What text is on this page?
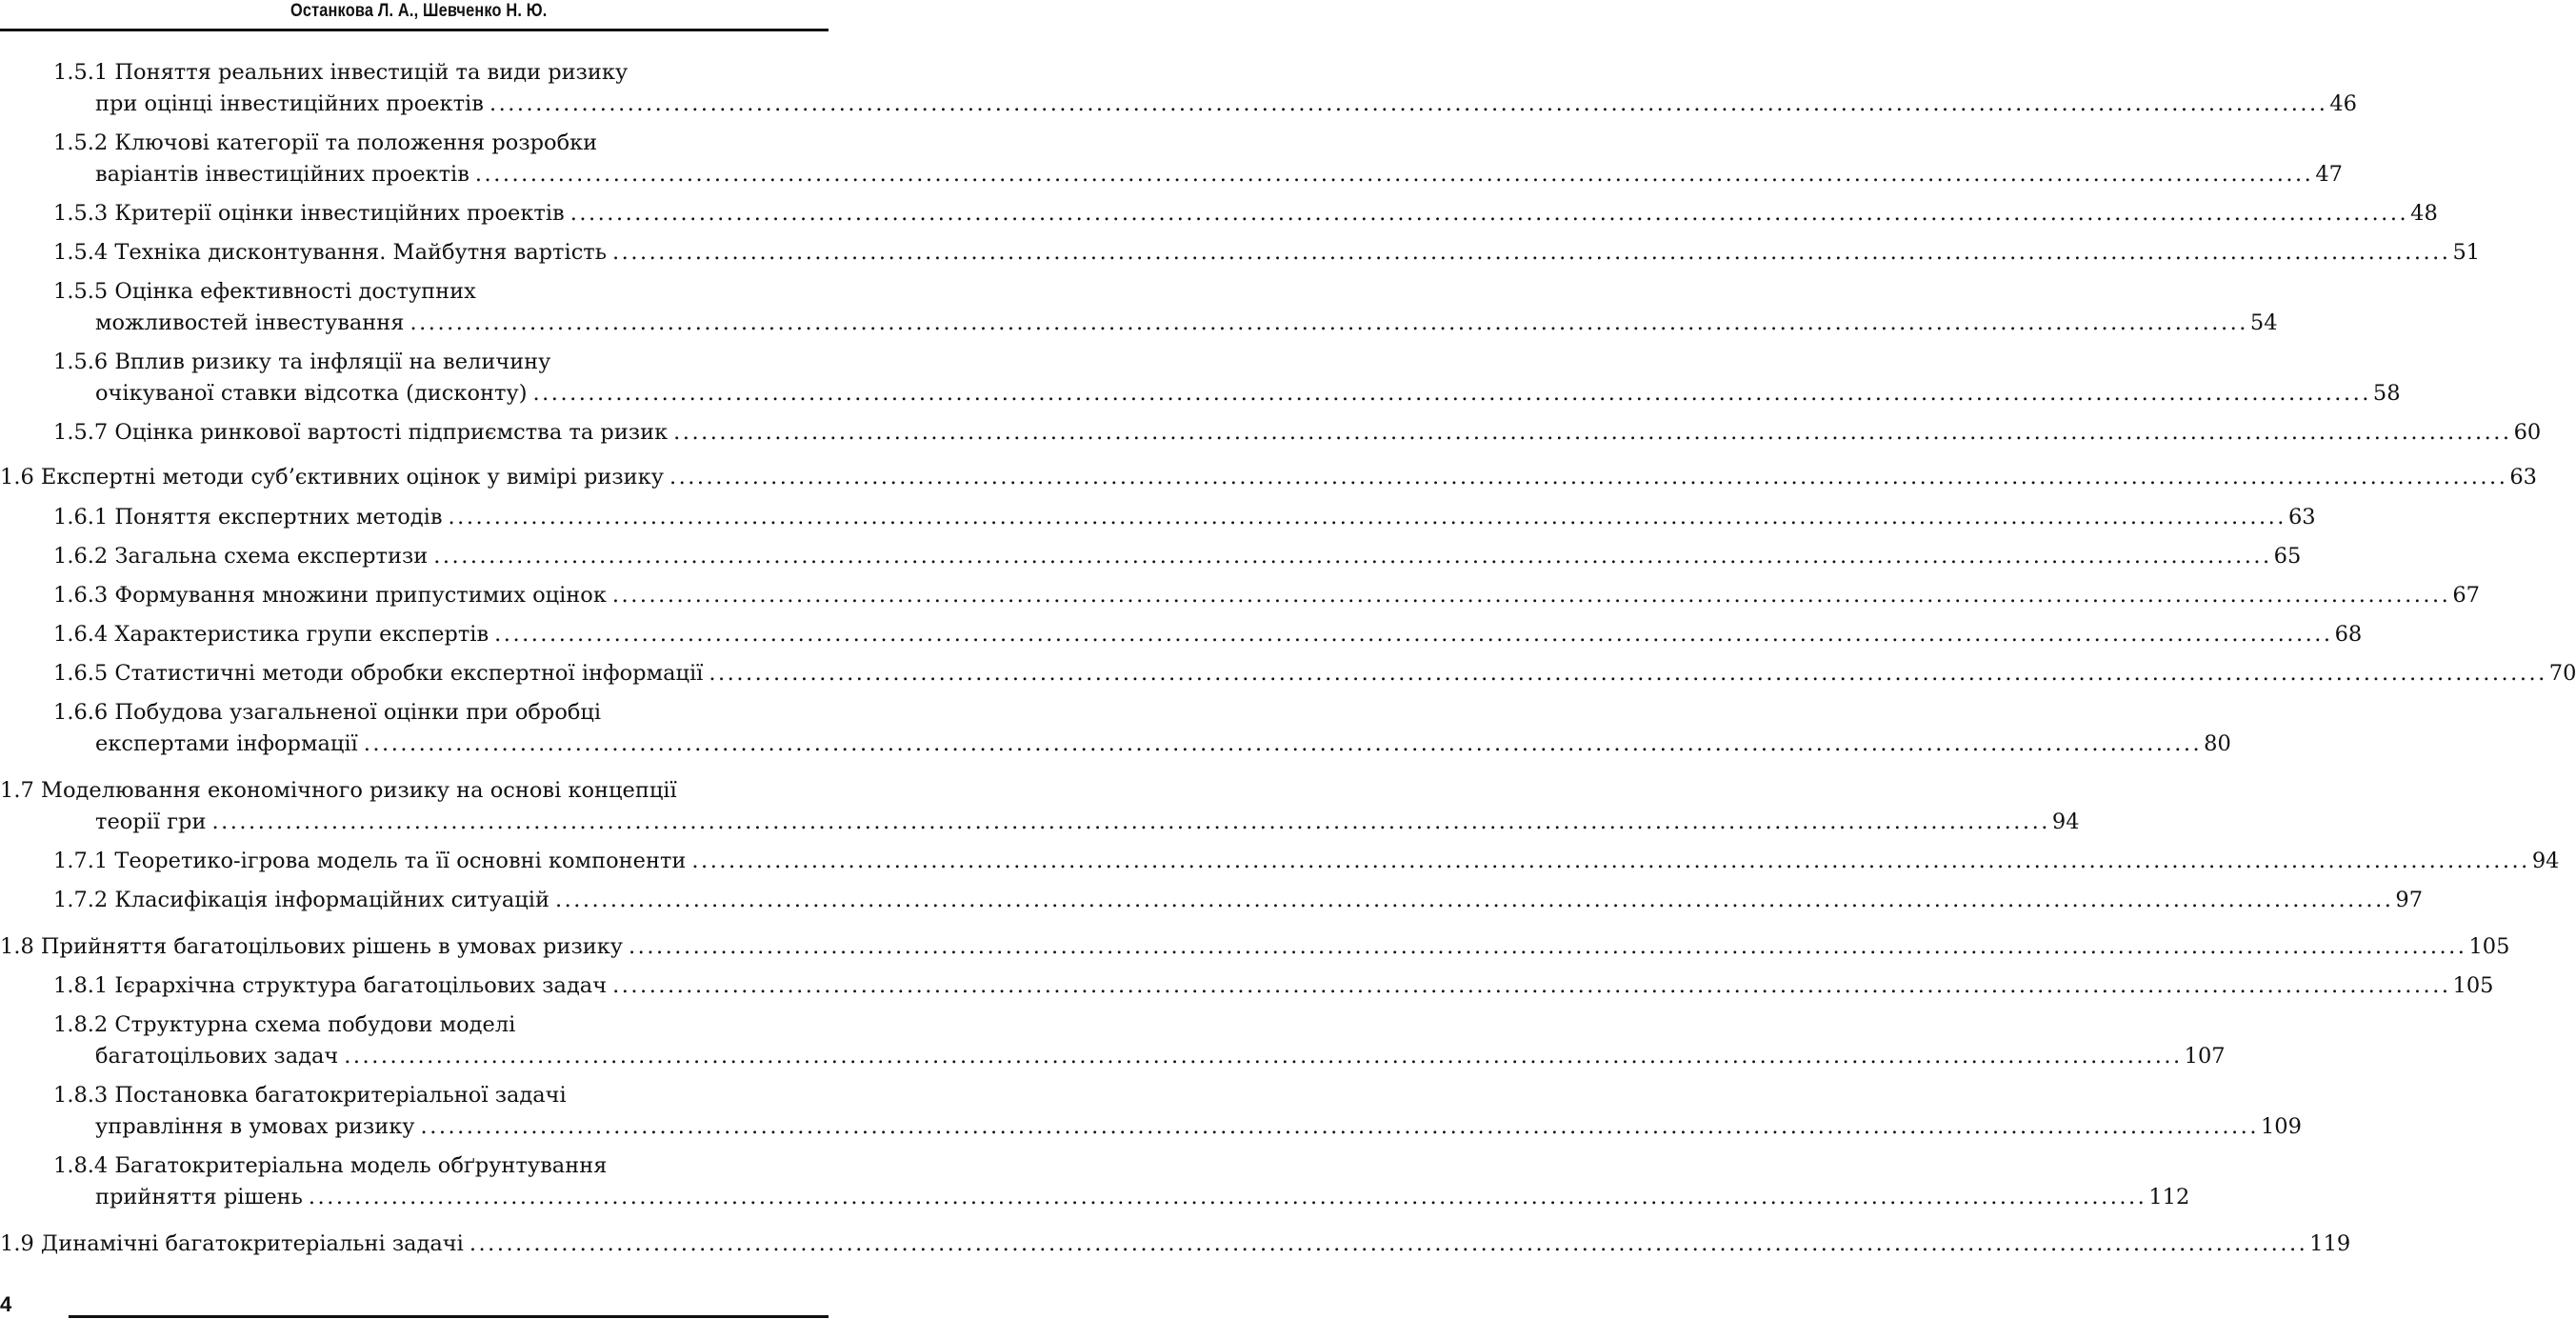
Останкова Л. А., Шевченко Н. Ю.
1.5.1 Поняття реальних інвестицій та види ризику
при оцінці інвестиційних проектів ........................................................................................................................................................................................................ 46
1.5.2 Ключові категорії та положення розробки
варіантів інвестиційних проектів ........................................................................................................................................................................................................ 47
1.5.3 Критерії оцінки інвестиційних проектів ........................................................................................................................................................................................................ 48
1.5.4 Техніка дисконтування. Майбутня вартість ........................................................................................................................................................................................................ 51
1.5.5 Оцінка ефективності доступних
можливостей інвестування ........................................................................................................................................................................................................ 54
1.5.6 Вплив ризику та інфляції на величину
очікуваної ставки відсотка (дисконту) ........................................................................................................................................................................................................ 58
1.5.7 Оцінка ринкової вартості підприємства та ризик ........................................................................................................................................................................................................ 60
1.6 Експертні методи суб’єктивних оцінок у вимірі ризику ........................................................................................................................................................................................................ 63
1.6.1 Поняття експертних методів ........................................................................................................................................................................................................ 63
1.6.2 Загальна схема експертизи ........................................................................................................................................................................................................ 65
1.6.3 Формування множини припустимих оцінок ........................................................................................................................................................................................................ 67
1.6.4 Характеристика групи експертів ........................................................................................................................................................................................................ 68
1.6.5 Статистичні методи обробки експертної інформації ........................................................................................................................................................................................................ 70
1.6.6 Побудова узагальненої оцінки при обробці
експертами інформації ........................................................................................................................................................................................................ 80
1.7 Моделювання економічного ризику на основі концепції
теорії гри ........................................................................................................................................................................................................ 94
1.7.1 Теоретико-ігрова модель та її основні компоненти ........................................................................................................................................................................................................ 94
1.7.2 Класифікація інформаційних ситуацій ........................................................................................................................................................................................................ 97
1.8 Прийняття багатоцільових рішень в умовах ризику ........................................................................................................................................................................................................ 105
1.8.1 Ієрархічна структура багатоцільових задач ........................................................................................................................................................................................................ 105
1.8.2 Структурна схема побудови моделі
багатоцільових задач ........................................................................................................................................................................................................ 107
1.8.3 Постановка багатокритеріальної задачі
управління в умовах ризику ........................................................................................................................................................................................................ 109
1.8.4 Багатокритеріальна модель обґрунтування
прийняття рішень ........................................................................................................................................................................................................ 112
1.9 Динамічні багатокритеріальні задачі ........................................................................................................................................................................................................ 119
4
